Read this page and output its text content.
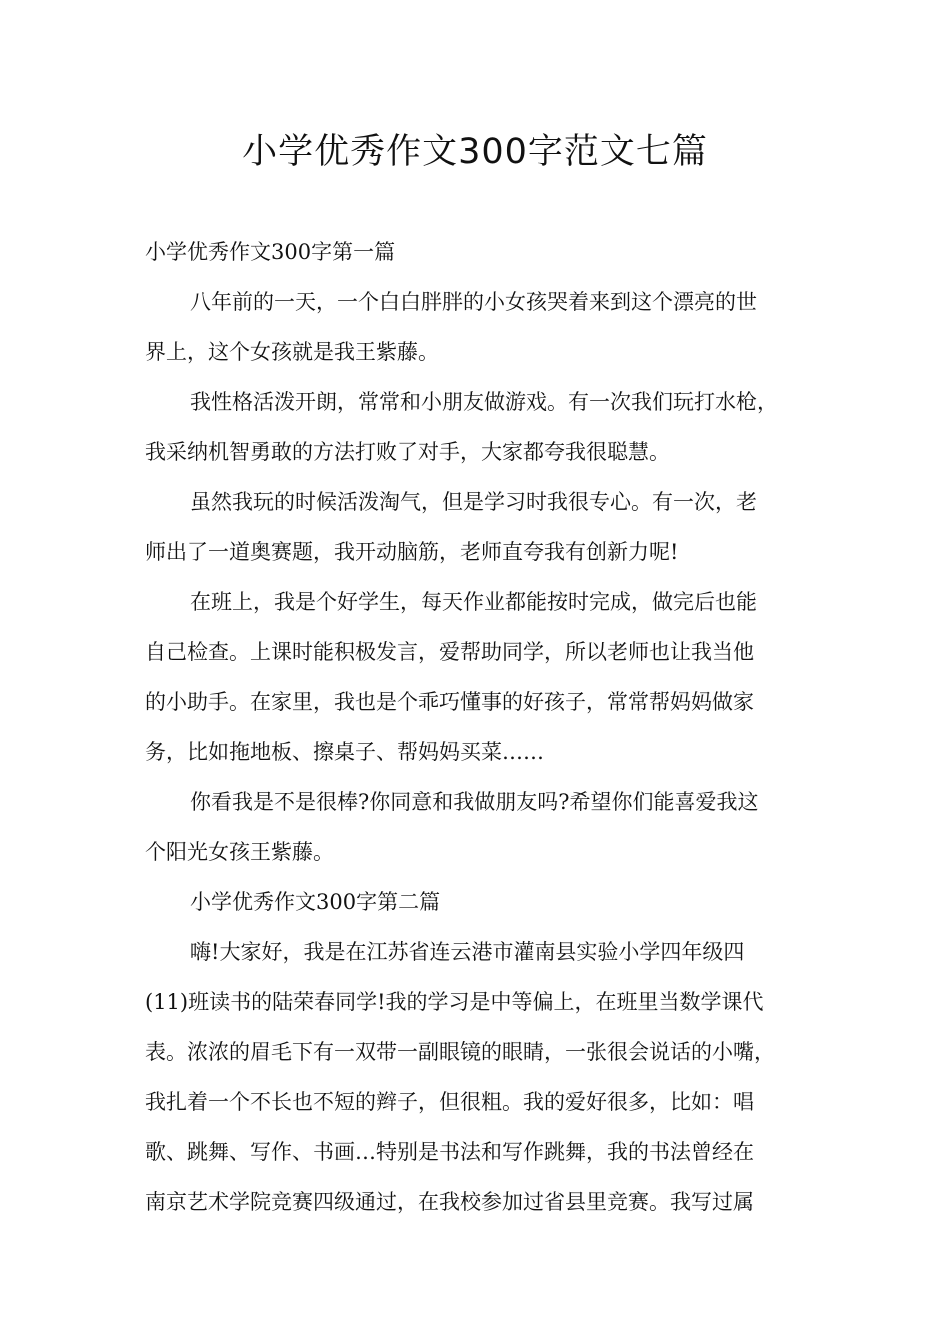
小学优秀作文300字范文七篇

小学优秀作文300字第一篇

八年前的一天，一个白白胖胖的小女孩哭着来到这个漂亮的世

界上，这个女孩就是我王紫藤。

我性格活泼开朗，常常和小朋友做游戏。有一次我们玩打水枪，

我采纳机智勇敢的方法打败了对手，大家都夸我很聪慧。

虽然我玩的时候活泼淘气，但是学习时我很专心。有一次，老

师出了一道奥赛题，我开动脑筋，老师直夸我有创新力呢!

在班上，我是个好学生，每天作业都能按时完成，做完后也能

自己检查。上课时能积极发言，爱帮助同学，所以老师也让我当他

的小助手。在家里，我也是个乖巧懂事的好孩子，常常帮妈妈做家

务，比如拖地板、擦桌子、帮妈妈买菜……

你看我是不是很棒?你同意和我做朋友吗?希望你们能喜爱我这

个阳光女孩王紫藤。

小学优秀作文300字第二篇

嗨!大家好，我是在江苏省连云港市灌南县实验小学四年级四

(11)班读书的陆荣春同学!我的学习是中等偏上，在班里当数学课代

表。浓浓的眉毛下有一双带一副眼镜的眼睛，一张很会说话的小嘴，

我扎着一个不长也不短的辫子，但很粗。我的爱好很多，比如：唱

歌、跳舞、写作、书画…特别是书法和写作跳舞，我的书法曾经在

南京艺术学院竞赛四级通过，在我校参加过省县里竞赛。我写过属
